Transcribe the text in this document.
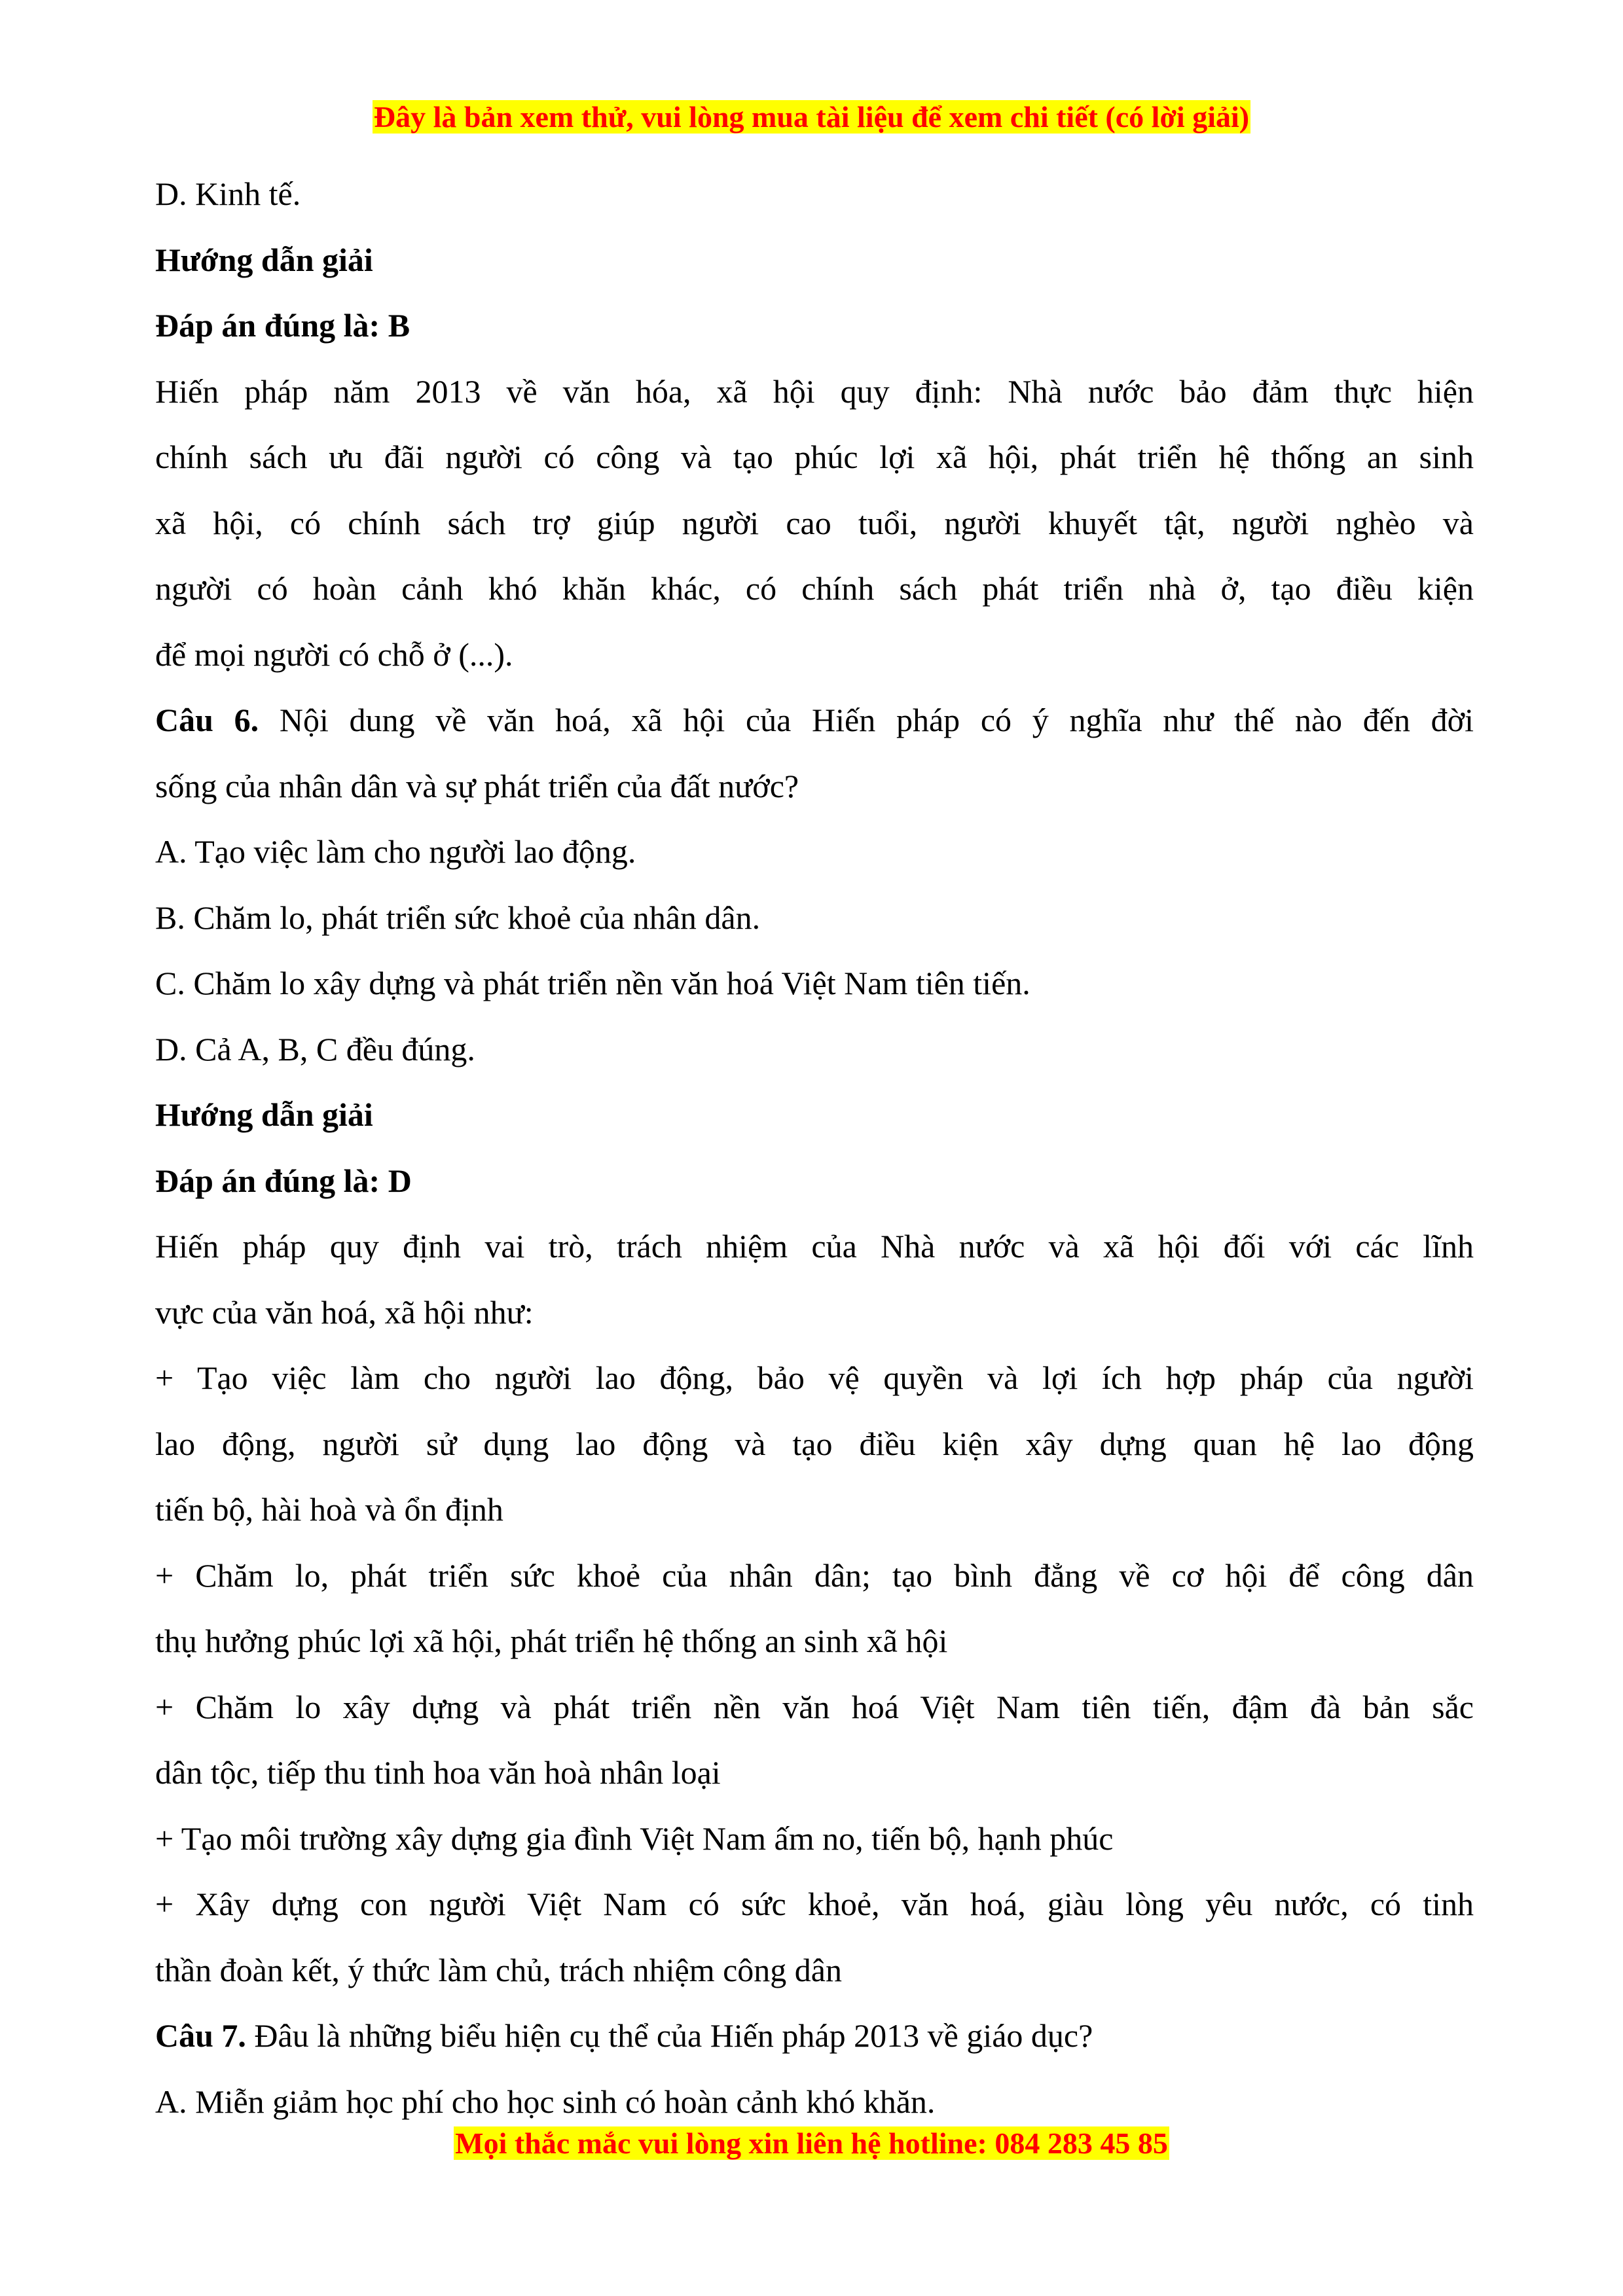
Đây là bản xem thử, vui lòng mua tài liệu để xem chi tiết (có lời giải)
D. Kinh tế.
Hướng dẫn giải
Đáp án đúng là: B
Hiến pháp năm 2013 về văn hóa, xã hội quy định: Nhà nước bảo đảm thực hiện
chính sách ưu đãi người có công và tạo phúc lợi xã hội, phát triển hệ thống an sinh
xã hội, có chính sách trợ giúp người cao tuổi, người khuyết tật, người nghèo và
người có hoàn cảnh khó khăn khác, có chính sách phát triển nhà ở, tạo điều kiện
để mọi người có chỗ ở (...).
Câu 6. Nội dung về văn hoá, xã hội của Hiến pháp có ý nghĩa như thế nào đến đời
sống của nhân dân và sự phát triển của đất nước?
A. Tạo việc làm cho người lao động.
B. Chăm lo, phát triển sức khoẻ của nhân dân.
C. Chăm lo xây dựng và phát triển nền văn hoá Việt Nam tiên tiến.
D. Cả A, B, C đều đúng.
Hướng dẫn giải
Đáp án đúng là: D
Hiến pháp quy định vai trò, trách nhiệm của Nhà nước và xã hội đối với các lĩnh
vực của văn hoá, xã hội như:
+ Tạo việc làm cho người lao động, bảo vệ quyền và lợi ích hợp pháp của người
lao động, người sử dụng lao động và tạo điều kiện xây dựng quan hệ lao động
tiến bộ, hài hoà và ổn định
+ Chăm lo, phát triển sức khoẻ của nhân dân; tạo bình đẳng về cơ hội để công dân
thụ hưởng phúc lợi xã hội, phát triển hệ thống an sinh xã hội
+ Chăm lo xây dựng và phát triển nền văn hoá Việt Nam tiên tiến, đậm đà bản sắc
dân tộc, tiếp thu tinh hoa văn hoà nhân loại
+ Tạo môi trường xây dựng gia đình Việt Nam ấm no, tiến bộ, hạnh phúc
+ Xây dựng con người Việt Nam có sức khoẻ, văn hoá, giàu lòng yêu nước, có tinh
thần đoàn kết, ý thức làm chủ, trách nhiệm công dân
Câu 7. Đâu là những biểu hiện cụ thể của Hiến pháp 2013 về giáo dục?
A. Miễn giảm học phí cho học sinh có hoàn cảnh khó khăn.
Mọi thắc mắc vui lòng xin liên hệ hotline: 084 283 45 85
